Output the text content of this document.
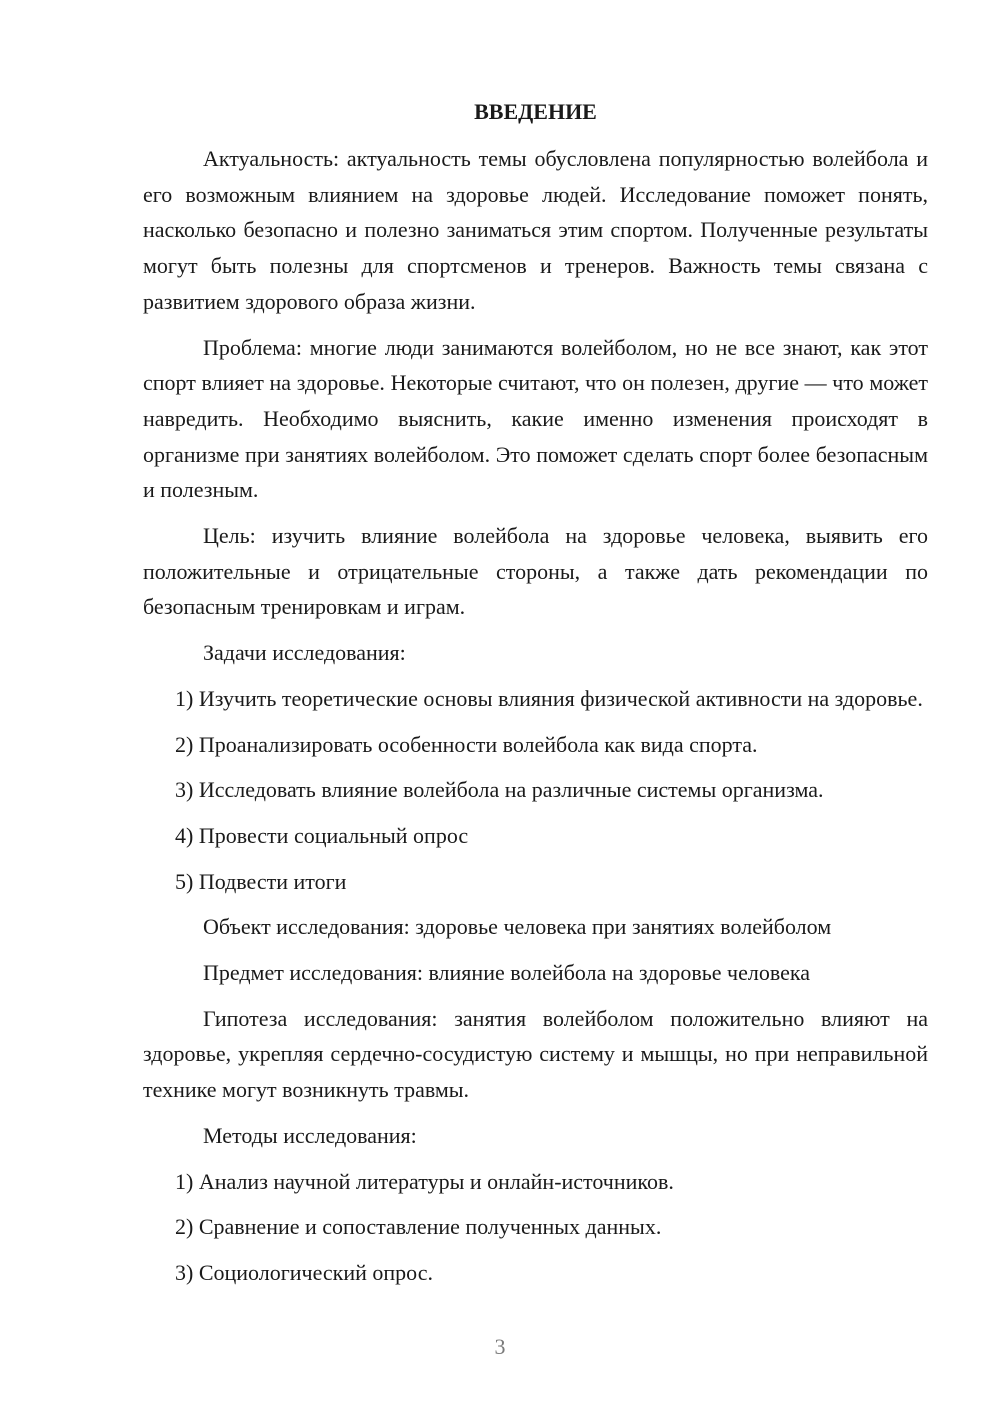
ВВЕДЕНИЕ

Актуальность: актуальность темы обусловлена популярностью волейбола и его возможным влиянием на здоровье людей. Исследование поможет понять, насколько безопасно и полезно заниматься этим спортом. Полученные результаты могут быть полезны для спортсменов и тренеров. Важность темы связана с развитием здорового образа жизни.

Проблема: многие люди занимаются волейболом, но не все знают, как этот спорт влияет на здоровье. Некоторые считают, что он полезен, другие — что может навредить. Необходимо выяснить, какие именно изменения происходят в организме при занятиях волейболом. Это поможет сделать спорт более безопасным и полезным.

Цель: изучить влияние волейбола на здоровье человека, выявить его положительные и отрицательные стороны, а также дать рекомендации по безопасным тренировкам и играм.

Задачи исследования:

1) Изучить теоретические основы влияния физической активности на здоровье.

2) Проанализировать особенности волейбола как вида спорта.

3) Исследовать влияние волейбола на различные системы организма.

4) Провести социальный опрос

5) Подвести итоги

Объект исследования: здоровье человека при занятиях волейболом

Предмет исследования: влияние волейбола на здоровье человека

Гипотеза исследования: занятия волейболом положительно влияют на здоровье, укрепляя сердечно-сосудистую систему и мышцы, но при неправильной технике могут возникнуть травмы.

Методы исследования:

1) Анализ научной литературы и онлайн-источников.

2) Сравнение и сопоставление полученных данных.

3) Социологический опрос.

3
